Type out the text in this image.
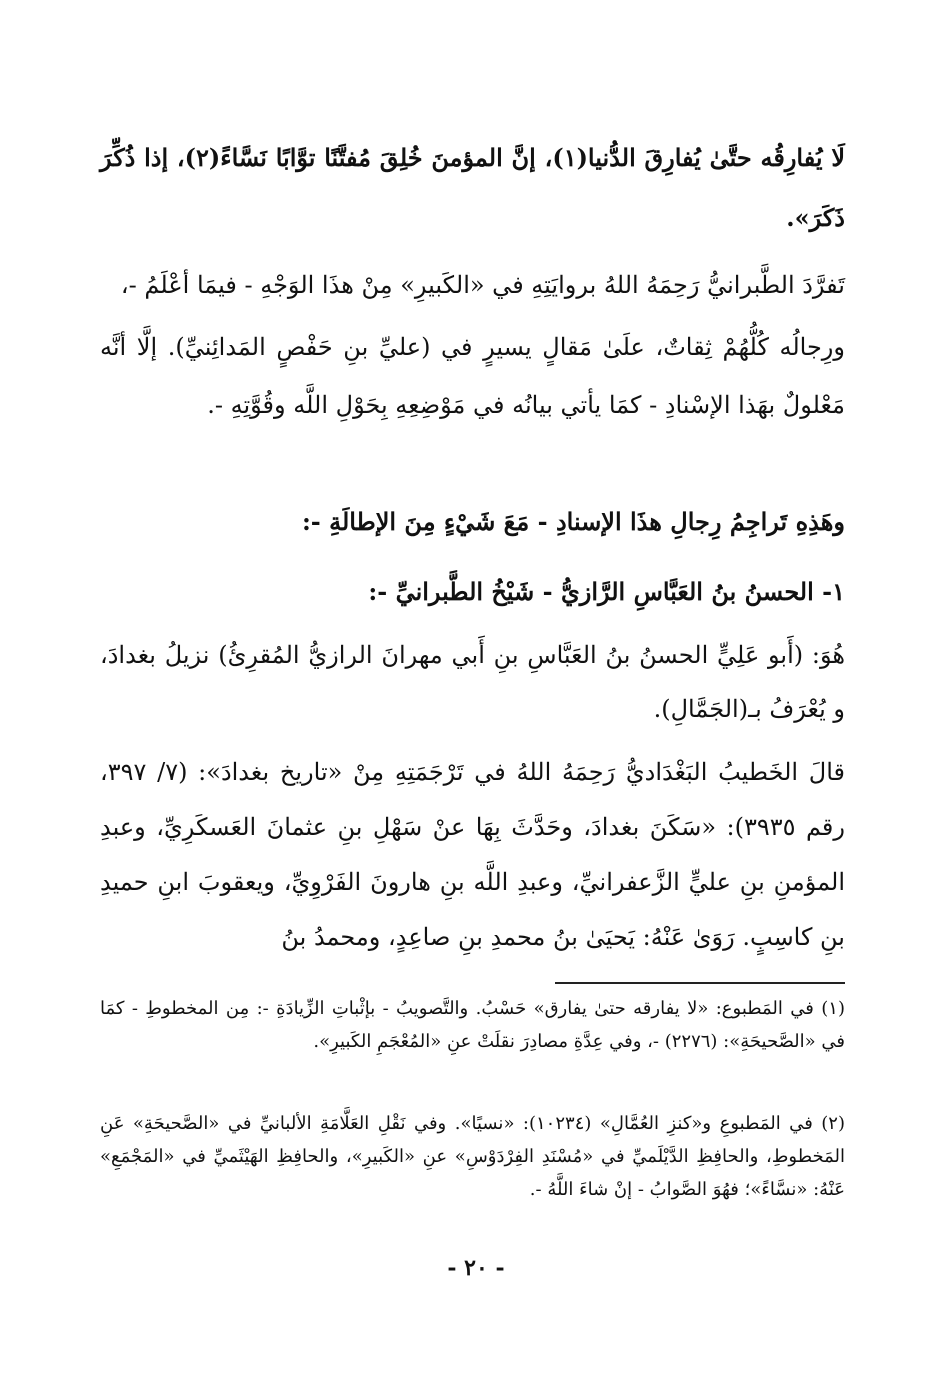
لَا يُفارِقُه حتَّىٰ يُفارِقَ الدُّنيا(١)، إنَّ المؤمنَ خُلِقَ مُفتَّنًا توَّابًا نَسَّاءً(٢)، إذا ذُكِّرَ ذَكَرَ».
تَفرَّدَ الطَّبرانيُّ رَحِمَهُ اللهُ بروايَتِهِ في «الكَبيرِ» مِنْ هذَا الوَجْهِ - فيمَا أعْلَمُ -،
ورِجالُه كُلُّهُمْ ثِقاتٌ، علَىٰ مَقالٍ يسيرٍ في (عليِّ بنِ حَفْصٍ المَدائِنيِّ). إلَّا أنَّه مَعْلولٌ بهَذا الإسْنادِ - كمَا يأتي بيانُه في مَوْضِعِهِ بِحَوْلِ اللَّه وقُوَّتِهِ -.
وهَذِهِ تَراجِمُ رِجالِ هذَا الإسنادِ - مَعَ شَيْءٍ مِنَ الإطالَةِ -:
١- الحسنُ بنُ العَبَّاسِ الرَّازيُّ - شَيْخُ الطَّبرانيِّ -:
هُوَ: (أَبو عَلِيٍّ الحسنُ بنُ العَبَّاسِ بنِ أَبي مهرانَ الرازيُّ المُقرِئُ) نزيلُ بغدادَ، و يُعْرَفُ بـ(الجَمَّالِ).
قالَ الخَطيبُ البَغْدَاديُّ رَحِمَهُ اللهُ في تَرْجَمَتِهِ مِنْ «تاريخ بغدادَ»: (٧/ ٣٩٧، رقم ٣٩٣٥): «سَكَنَ بغدادَ، وحَدَّثَ بِهَا عنْ سَهْلِ بنِ عثمانَ العَسكَرِيِّ، وعبدِ المؤمنِ بنِ عليٍّ الزَّعفرانيِّ، وعبدِ اللَّه بنِ هارونَ الفَرْوِيِّ، ويعقوبَ ابنِ حميدِ بنِ كاسِبٍ. رَوَىٰ عَنْهُ: يَحيَىٰ بنُ محمدِ بنِ صاعِدٍ، ومحمدُ بنُ
(١) في المَطبوع: «لا يفارقه حتىٰ يفارق» حَسْبُ. والتَّصويبُ - بإثْباتِ الزِّيادَةِ -: مِن المخطوطِ - كمَا في «الصَّحيحَةِ»: (٢٢٧٦) -، وفي عِدَّةِ مصادِرَ نقلَتْ عنِ «المُعْجَمِ الكَبيرِ».
(٢) في المَطبوعِ و«كنزِ العُمَّالِ» (١٠٢٣٤): «نسيًا». وفي نَقْلِ العَلَّامَةِ الألبانيِّ في «الصَّحيحَةِ» عَنِ المَخطوطِ، والحافِظِ الدَّيْلَميِّ في «مُسْنَدِ الفِرْدَوْسِ» عنِ «الكَبيرِ»، والحافِظِ الهَيْثَميِّ في «المَجْمَعِ» عَنْهُ: «نسَّاءً»؛ فهُوَ الصَّوابُ - إنْ شاءَ اللَّهُ -.
- ٢٠ -
